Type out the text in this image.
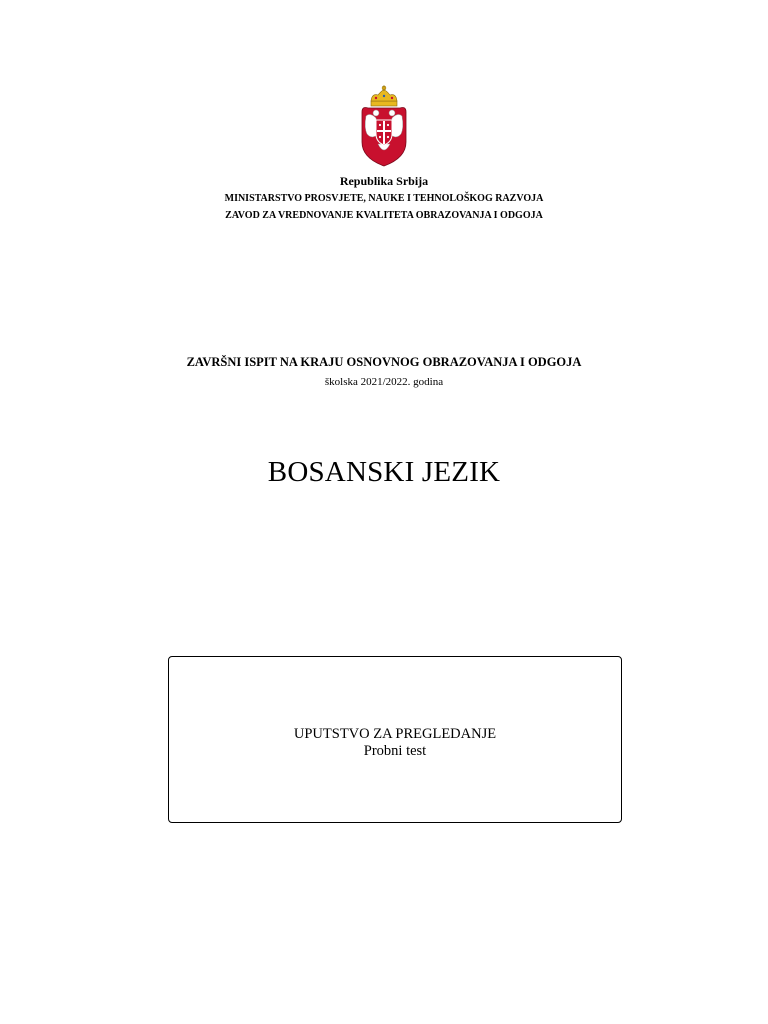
Republika Srbija
MINISTARSTVO PROSVJETE, NAUKE I TEHNOLOŠKOG RAZVOJA
ZAVOD ZA VREDNOVANJE KVALITETA OBRAZOVANJA I ODGOJA
ZAVRŠNI ISPIT NA KRAJU OSNOVNOG OBRAZOVANJA I ODGOJA
školska 2021/2022. godina
BOSANSKI JEZIK
UPUTSTVO ZA PREGLEDANJE
Probni test
